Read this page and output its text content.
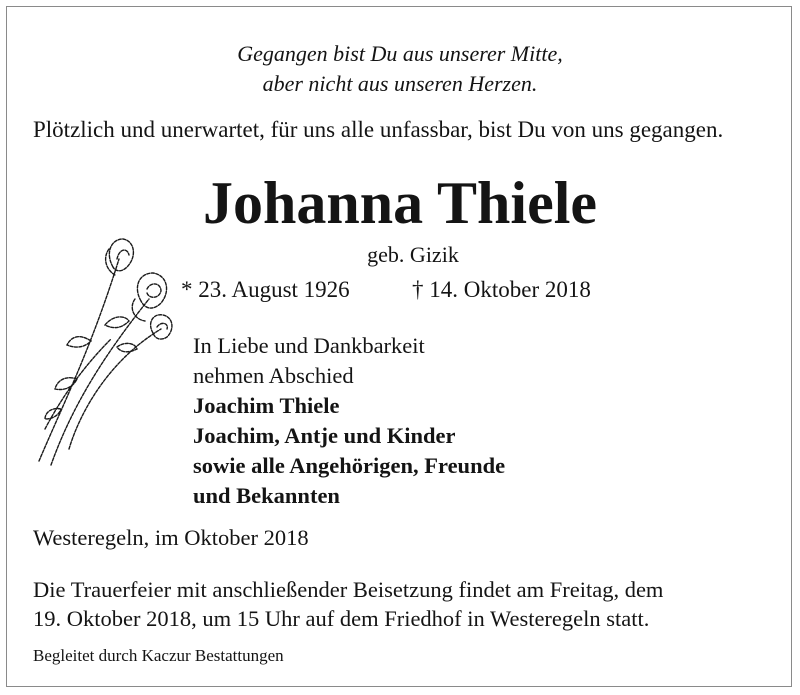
Gegangen bist Du aus unserer Mitte,

aber nicht aus unseren Herzen.

Plötzlich und unerwartet, für uns alle unfassbar, bist Du von uns gegangen.

Johanna Thiele

geb. Gizik

* 23. August 1926	† 14. Oktober 2018

In Liebe und Dankbarkeit

nehmen Abschied

Joachim Thiele

Joachim, Antje und Kinder

sowie alle Angehörigen, Freunde

und Bekannten

Westeregeln, im Oktober 2018

Die Trauerfeier mit anschließender Beisetzung findet am Freitag, dem

19. Oktober 2018, um 15 Uhr auf dem Friedhof in Westeregeln statt.

Begleitet durch Kaczur Bestattungen
